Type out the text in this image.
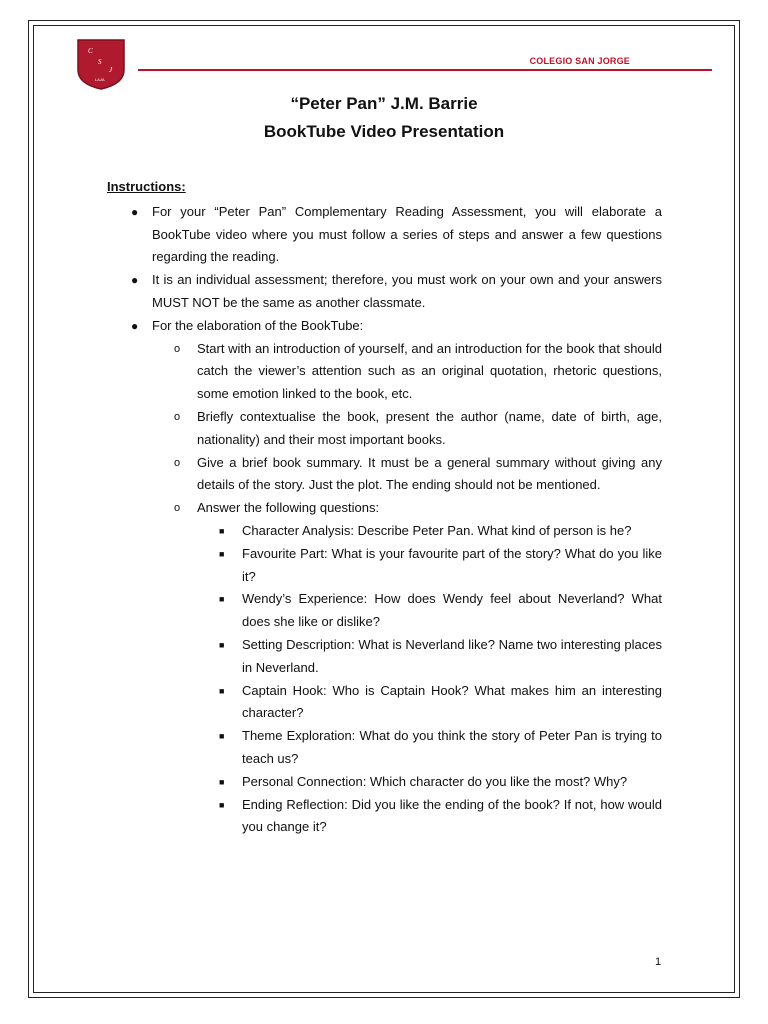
C
S
J
LAJA
COLEGIO SAN JORGE
“Peter Pan” J.M. Barrie
BookTube Video Presentation
Instructions:
● For your “Peter Pan” Complementary Reading Assessment, you will elaborate a BookTube video where you must follow a series of steps and answer a few questions regarding the reading.
● It is an individual assessment; therefore, you must work on your own and your answers MUST NOT be the same as another classmate.
● For the elaboration of the BookTube:
o Start with an introduction of yourself, and an introduction for the book that should catch the viewer’s attention such as an original quotation, rhetoric questions, some emotion linked to the book, etc.
o Briefly contextualise the book, present the author (name, date of birth, age, nationality) and their most important books.
o Give a brief book summary. It must be a general summary without giving any details of the story. Just the plot. The ending should not be mentioned.
o Answer the following questions:
■ Character Analysis: Describe Peter Pan. What kind of person is he?
■ Favourite Part: What is your favourite part of the story? What do you like it?
■ Wendy’s Experience: How does Wendy feel about Neverland? What does she like or dislike?
■ Setting Description: What is Neverland like? Name two interesting places in Neverland.
■ Captain Hook: Who is Captain Hook? What makes him an interesting character?
■ Theme Exploration: What do you think the story of Peter Pan is trying to teach us?
■ Personal Connection: Which character do you like the most? Why?
■ Ending Reflection: Did you like the ending of the book? If not, how would you change it?
1
